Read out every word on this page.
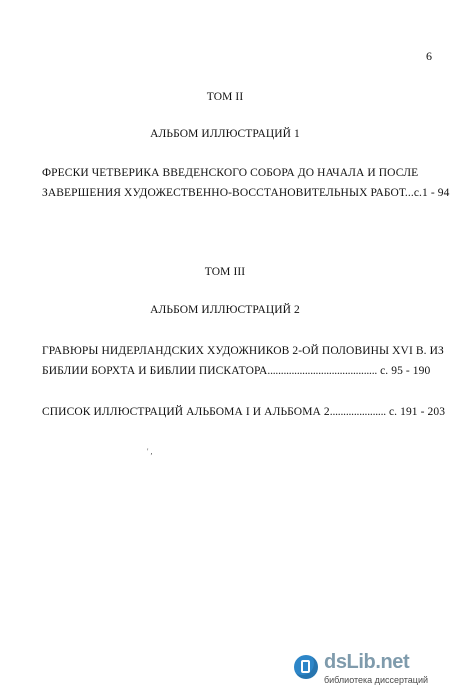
6
ТОМ II
АЛЬБОМ ИЛЛЮСТРАЦИЙ 1
ФРЕСКИ ЧЕТВЕРИКА ВВЕДЕНСКОГО СОБОРА ДО НАЧАЛА И ПОСЛЕ
ЗАВЕРШЕНИЯ ХУДОЖЕСТВЕННО-ВОССТАНОВИТЕЛЬНЫХ РАБОТ...с.1 - 94
ТОМ III
АЛЬБОМ ИЛЛЮСТРАЦИЙ 2
ГРАВЮРЫ НИДЕРЛАНДСКИХ ХУДОЖНИКОВ 2-ОЙ ПОЛОВИНЫ XVI В. ИЗ
БИБЛИИ БОРХТА И БИБЛИИ ПИСКАТОРА......................................... с. 95 - 190
СПИСОК ИЛЛЮСТРАЦИЙ АЛЬБОМА I И АЛЬБОМА 2..................... с. 191 - 203
' ,
dsLib.net
библиотека диссертаций
